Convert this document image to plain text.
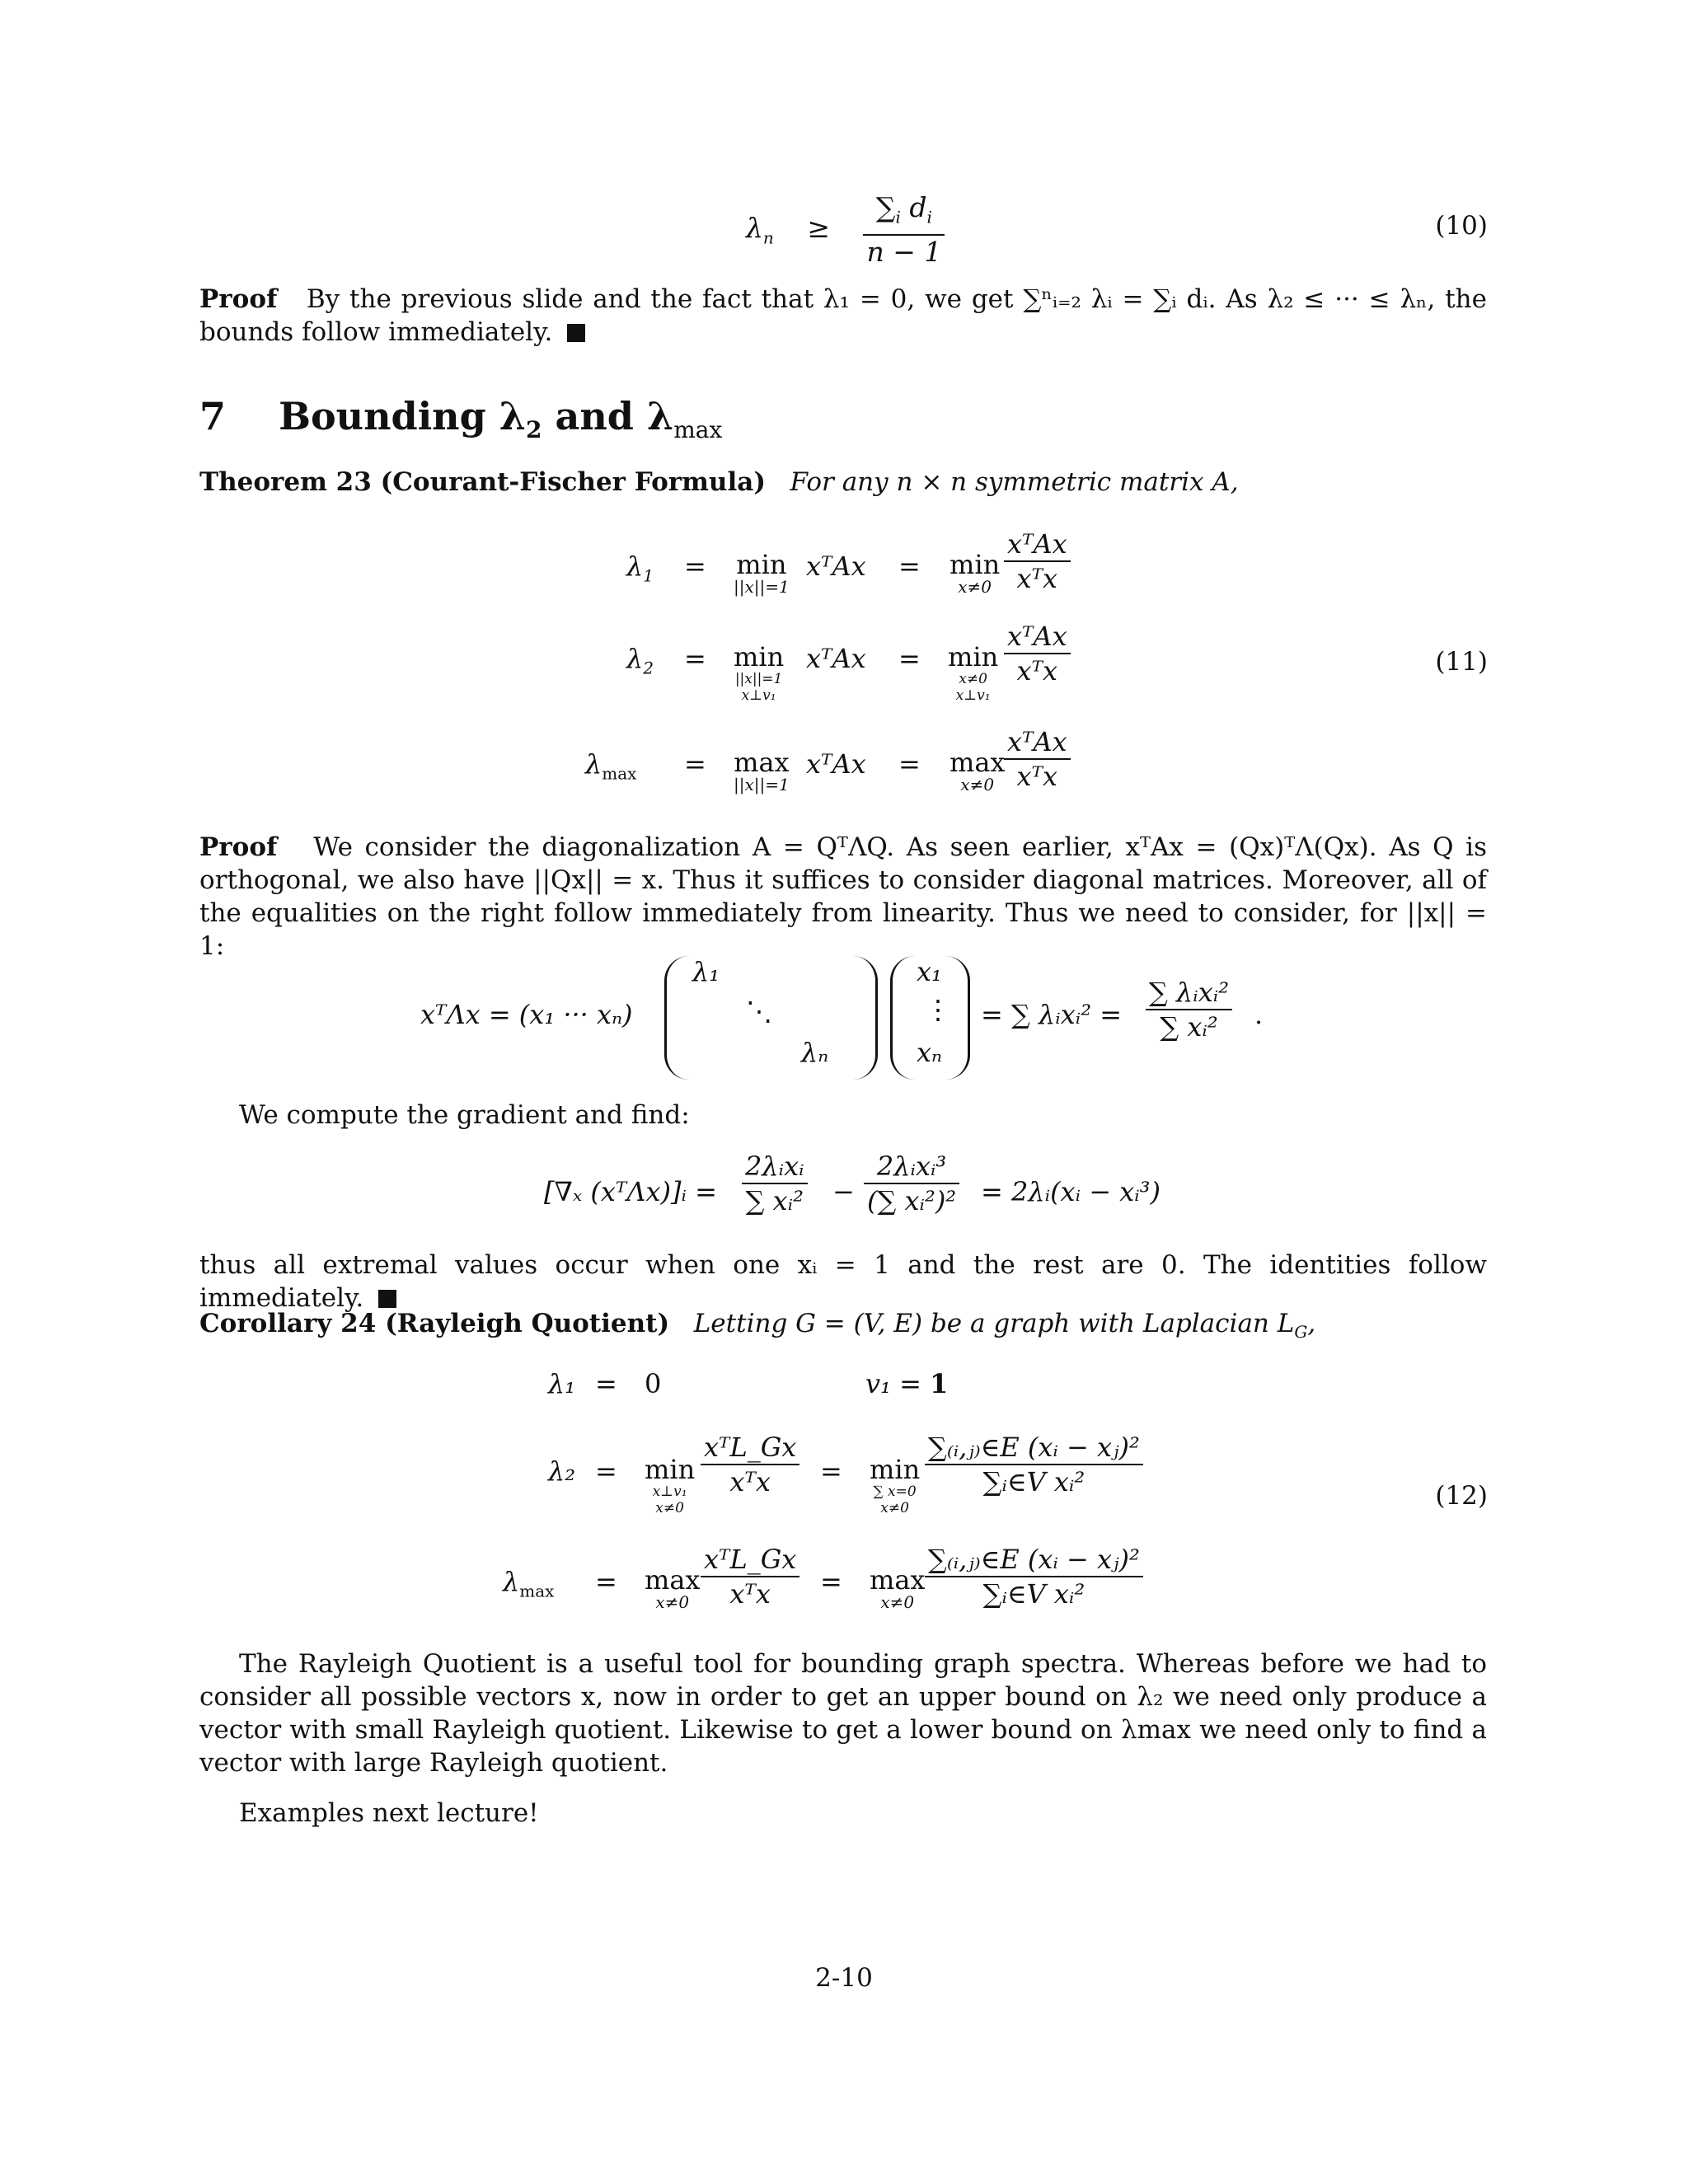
$\lambda_n \ge \frac{\sum_i d_i}{n - 1}$	(10)
Proof By the previous slide and the fact that λ₁ = 0, we get ∑ⁿᵢ₌₂ λᵢ = ∑ᵢ dᵢ. As λ₂ ≤ ··· ≤ λₙ, the bounds follow immediately.
7 Bounding $\lambda_2$ and $\lambda_{max}$
Theorem 23 (Courant-Fischer Formula) For any n × n symmetric matrix A,
$\lambda_1 = \min$
||x||=1
xᵀAx = min
x≠0
xᵀAx
xᵀx
$\lambda_2 = \min$
||x||=1
x⊥v₁
xᵀAx = min
x≠0
x⊥v₁
xᵀAx
xᵀx
$\lambda_{max} = \max$
||x||=1
xᵀAx = max
x≠0
xᵀAx
xᵀx
(11)
Proof We consider the diagonalization A = QᵀΛQ. As seen earlier, xᵀAx = (Qx)ᵀΛ(Qx). As Q is orthogonal, we also have ||Qx|| = x. Thus it suffices to consider diagonal matrices. Moreover, all of the equalities on the right follow immediately from linearity. Thus we need to consider, for ||x|| = 1:
xᵀΛx = (x₁ ··· xₙ)
λ₁
⋱
λₙ
x₁
⋮
xₙ
= ∑ λᵢxᵢ² =
∑ λᵢxᵢ²
∑ xᵢ²	.
We compute the gradient and find:
[∇ₓ (xᵀΛx)]ᵢ =
2λᵢxᵢ
∑ xᵢ² −
2λᵢxᵢ³
(∑ xᵢ²)² = 2λᵢ(xᵢ − xᵢ³)
thus all extremal values occur when one xᵢ = 1 and the rest are 0. The identities follow immediately.
Corollary 24 (Rayleigh Quotient) Letting G = (V, E) be a graph with Laplacian $L_G$,
λ₁ = 0	v₁ = 1
λ₂ = min
x⊥v₁
x≠0
xᵀL_Gx
xᵀx	= min
∑ x=0
x≠0
$\frac{\text{∑₍ᵢ,ⱼ₎∈E (xᵢ − xⱼ)²}}{\text{∑ᵢ∈V xᵢ²}}$
$\lambda_{max} = \max$
x≠0
xᵀL_Gx
xᵀx	= max
$x\ne 0 \frac{\text{∑₍ᵢ,ⱼ₎∈E (xᵢ − xⱼ)²}}{\text{∑ᵢ∈V xᵢ²}}$
(12)
The Rayleigh Quotient is a useful tool for bounding graph spectra. Whereas before we had to consider all possible vectors x, now in order to get an upper bound on λ₂ we need only produce a vector with small Rayleigh quotient. Likewise to get a lower bound on λmax we need only to find a vector with large Rayleigh quotient.
Examples next lecture!
2-10
